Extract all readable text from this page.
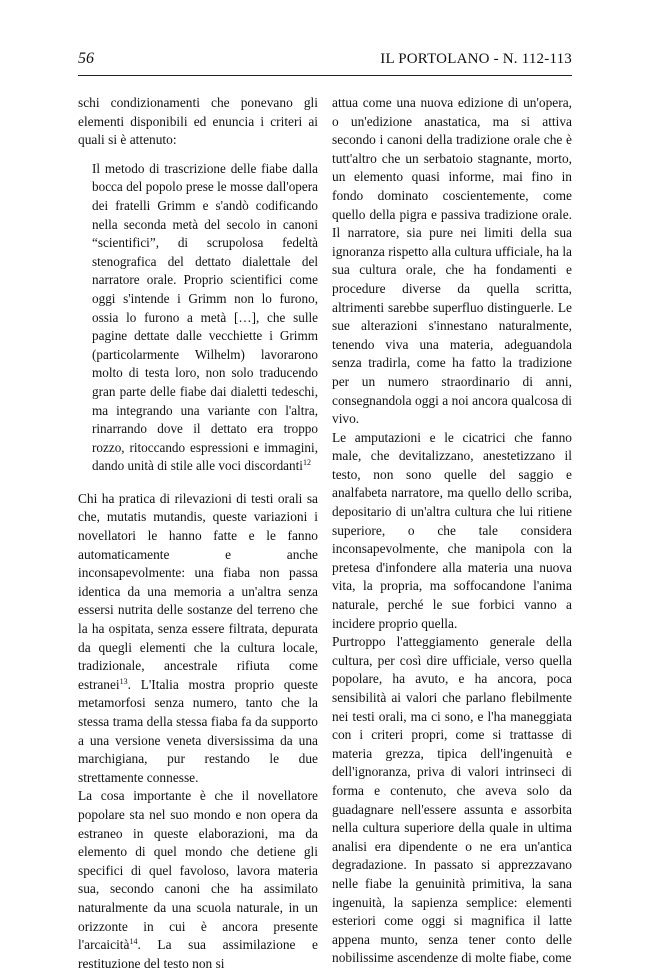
56	IL PORTOLANO - N. 112-113

schi condizionamenti che ponevano gli elementi disponibili ed enuncia i criteri ai quali si è attenuto:

Il metodo di trascrizione delle fiabe dalla bocca del popolo prese le mosse dall'opera dei fratelli Grimm e s'andò codificando nella seconda metà del secolo in canoni “scientifici”, di scrupolosa fedeltà stenografica del dettato dialettale del narratore orale. Proprio scientifici come oggi s'intende i Grimm non lo furono, ossia lo furono a metà […], che sulle pagine dettate dalle vecchiette i Grimm (particolarmente Wilhelm) lavorarono molto di testa loro, non solo traducendo gran parte delle fiabe dai dialetti tedeschi, ma integrando una variante con l'altra, rinarrando dove il dettato era troppo rozzo, ritoccando espressioni e immagini, dando unità di stile alle voci discordanti$^{12}$

Chi ha pratica di rilevazioni di testi orali sa che, mutatis mutandis, queste variazioni i novellatori le hanno fatte e le fanno automaticamente e anche inconsapevolmente: una fiaba non passa identica da una memoria a un'altra senza essersi nutrita delle sostanze del terreno che la ha ospitata, senza essere filtrata, depurata da quegli elementi che la cultura locale, tradizionale, ancestrale rifiuta come estranei$^{13}$. L'Italia mostra proprio queste metamorfosi senza numero, tanto che la stessa trama della stessa fiaba fa da supporto a una versione veneta diversissima da una marchigiana, pur restando le due strettamente connesse.

La cosa importante è che il novellatore popolare sta nel suo mondo e non opera da estraneo in queste elaborazioni, ma da elemento di quel mondo che detiene gli specifici di quel favoloso, lavora materia sua, secondo canoni che ha assimilato naturalmente da una scuola naturale, in un orizzonte in cui è ancora presente l'arcaicità$^{14}$. La sua assimilazione e restituzione del testo non si

attua come una nuova edizione di un'opera, o un'edizione anastatica, ma si attiva secondo i canoni della tradizione orale che è tutt'altro che un serbatoio stagnante, morto, un elemento quasi informe, mai fino in fondo dominato coscientemente, come quello della pigra e passiva tradizione orale. Il narratore, sia pure nei limiti della sua ignoranza rispetto alla cultura ufficiale, ha la sua cultura orale, che ha fondamenti e procedure diverse da quella scritta, altrimenti sarebbe superfluo distinguerle. Le sue alterazioni s'innestano naturalmente, tenendo viva una materia, adeguandola senza tradirla, come ha fatto la tradizione per un numero straordinario di anni, consegnandola oggi a noi ancora qualcosa di vivo.

Le amputazioni e le cicatrici che fanno male, che devitalizzano, anestetizzano il testo, non sono quelle del saggio e analfabeta narratore, ma quello dello scriba, depositario di un'altra cultura che lui ritiene superiore, o che tale considera inconsapevolmente, che manipola con la pretesa d'infondere alla materia una nuova vita, la propria, ma soffocandone l'anima naturale, perché le sue forbici vanno a incidere proprio quella.

Purtroppo l'atteggiamento generale della cultura, per così dire ufficiale, verso quella popolare, ha avuto, e ha ancora, poca sensibilità ai valori che parlano flebilmente nei testi orali, ma ci sono, e l'ha maneggiata con i criteri propri, come si trattasse di materia grezza, tipica dell'ingenuità e dell'ignoranza, priva di valori intrinseci di forma e contenuto, che aveva solo da guadagnare nell'essere assunta e assorbita nella cultura superiore della quale in ultima analisi era dipendente o ne era un'antica degradazione. In passato si apprezzavano nelle fiabe la genuinità primitiva, la sana ingenuità, la sapienza semplice: elementi esteriori come oggi si magnifica il latte appena munto, senza tener conto delle nobilissime ascendenze di molte fiabe, come
